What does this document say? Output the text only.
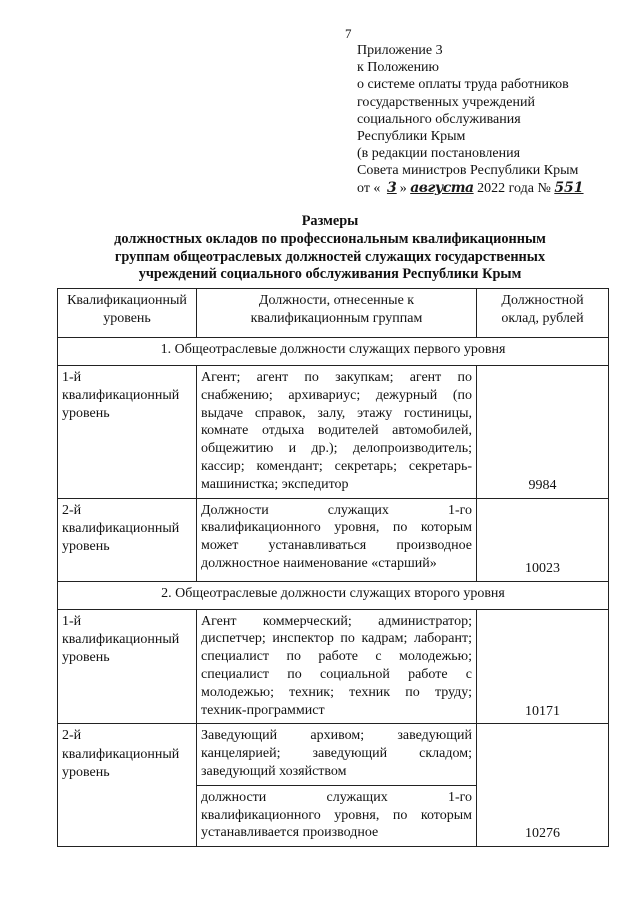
7
Приложение 3
к Положению
о системе оплаты труда работников
государственных учреждений
социального обслуживания
Республики Крым
(в редакции постановления
Совета министров Республики Крым
от « 3 » августа 2022 года № 551
Размеры
должностных окладов по профессиональным квалификационным
группам общеотраслевых должностей служащих государственных
учреждений социального обслуживания Республики Крым
Квалификационный уровень	Должности, отнесенные к квалификационным группам	Должностной оклад, рублей
1. Общеотраслевые должности служащих первого уровня		
1-й квалификационный уровень	Агент; агент по закупкам; агент по снабжению; архивариус; дежурный (по выдаче справок, залу, этажу гостиницы, комнате отдыха водителей автомобилей, общежитию и др.); делопроизводитель; кассир; комендант; секретарь; секретарь-машинистка; экспедитор	9984
2-й квалификационный уровень	Должности служащих 1-го квалификационного уровня, по которым может устанавливаться производное должностное наименование «старший»	10023
2. Общеотраслевые должности служащих второго уровня		
1-й квалификационный уровень	Агент коммерческий; администратор; диспетчер; инспектор по кадрам; лаборант; специалист по работе с молодежью; специалист по социальной работе с молодежью; техник; техник по труду; техник-программист	10171
2-й квалификационный уровень	Заведующий архивом; заведующий канцелярией; заведующий складом; заведующий хозяйством	10276
	должности служащих 1-го квалификационного уровня, по которым устанавливается производное	
